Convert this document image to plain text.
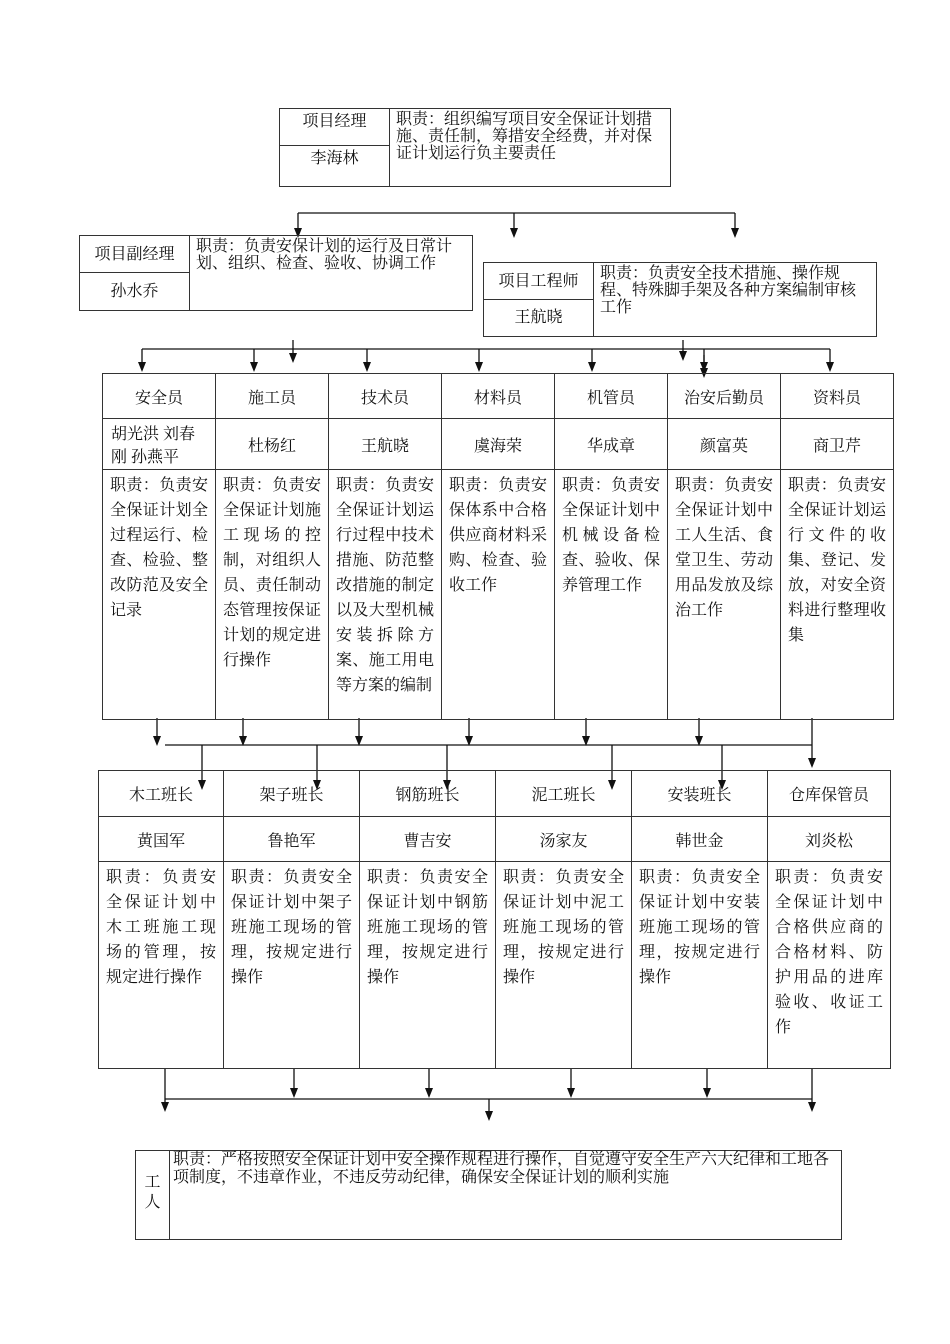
项目经理
李海林
职责：组织编写项目安全保证计划措施、责任制，筹措安全经费，并对保证计划运行负主要责任
项目副经理
孙水乔
职责：负责安保计划的运行及日常计划、组织、检查、验收、协调工作
项目工程师
王航晓
职责：负责安全技术措施、操作规程、特殊脚手架及各种方案编制审核工作
安全员	施工员	技术员	材料员	机管员	治安后勤员	资料员
胡光洪 刘春刚 孙燕平	杜杨红	王航晓	虞海荣	华成章	颜富英	商卫芹
职责：负责安全保证计划全过程运行、检查、检验、整改防范及安全记录	职责：负责安全保证计划施工现场的控制，对组织人员、责任制动态管理按保证计划的规定进行操作	职责：负责安全保证计划运行过程中技术措施、防范整改措施的制定以及大型机械安装拆除方案、施工用电等方案的编制	职责：负责安保体系中合格供应商材料采购、检查、验收工作	职责：负责安全保证计划中机械设备检查、验收、保养管理工作	职责：负责安全保证计划中工人生活、食堂卫生、劳动用品发放及综治工作	职责：负责安全保证计划运行文件的收集、登记、发放，对安全资料进行整理收集
木工班长	架子班长	钢筋班长	泥工班长	安装班长	仓库保管员
黄国军	鲁艳军	曹吉安	汤家友	韩世金	刘炎松
职责：负责安全保证计划中木工班施工现场的管理，按规定进行操作	职责：负责安全保证计划中架子班施工现场的管理，按规定进行操作	职责：负责安全保证计划中钢筋班施工现场的管理，按规定进行操作	职责：负责安全保证计划中泥工班施工现场的管理，按规定进行操作	职责：负责安全保证计划中安装班施工现场的管理，按规定进行操作	职责：负责安全保证计划中合格供应商的合格材料、防护用品的进库验收、收证工作
工人
职责：严格按照安全保证计划中安全操作规程进行操作，自觉遵守安全生产六大纪律和工地各项制度，不违章作业，不违反劳动纪律，确保安全保证计划的顺利实施
